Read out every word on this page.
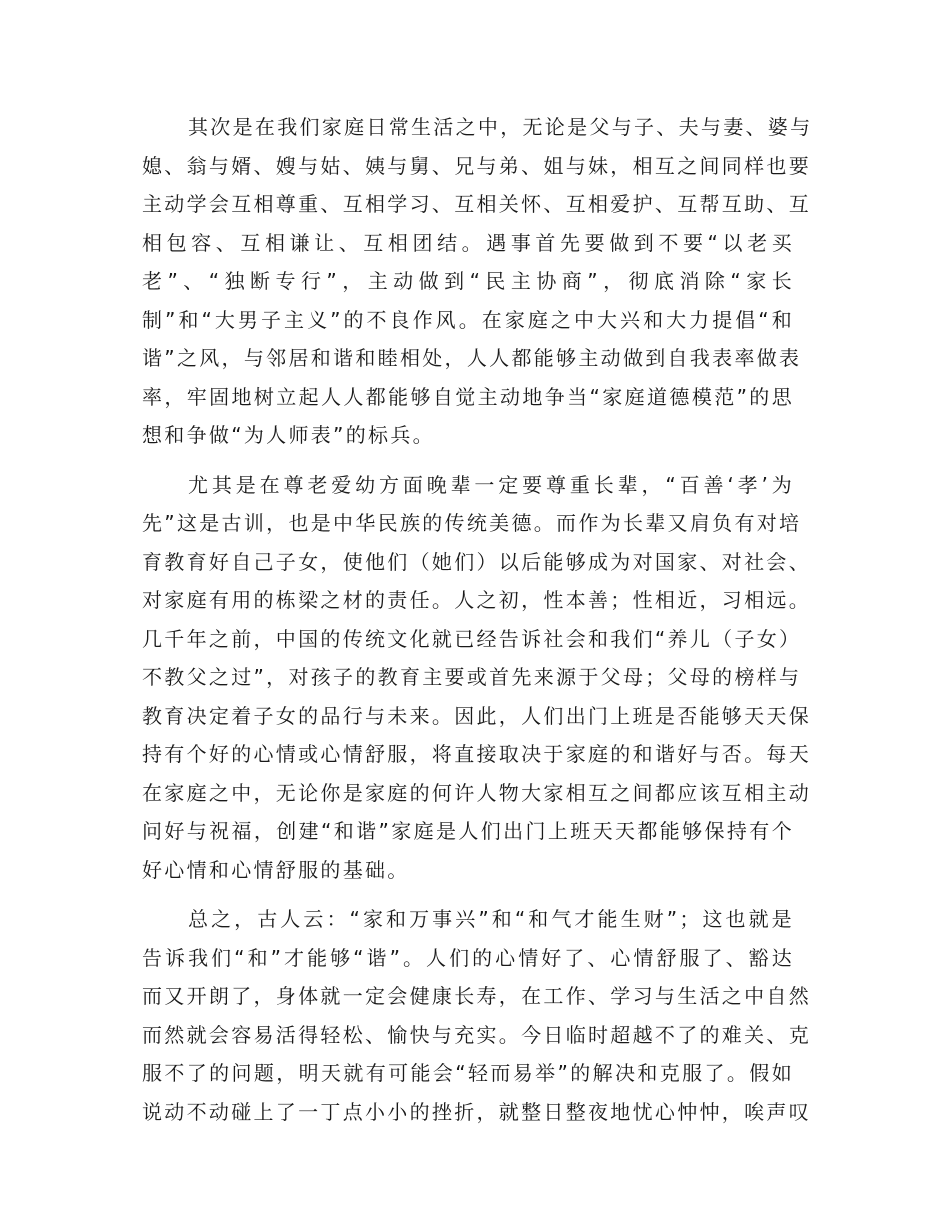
其次是在我们家庭日常生活之中，无论是父与子、夫与妻、婆与
媳、翁与婿、嫂与姑、姨与舅、兄与弟、姐与妹，相互之间同样也要
主动学会互相尊重、互相学习、互相关怀、互相爱护、互帮互助、互
相包容、互相谦让、互相团结。遇事首先要做到不要“以老买
老”、“独断专行”，主动做到“民主协商”，彻底消除“家长
制”和“大男子主义”的不良作风。在家庭之中大兴和大力提倡“和
谐”之风，与邻居和谐和睦相处，人人都能够主动做到自我表率做表
率，牢固地树立起人人都能够自觉主动地争当“家庭道德模范”的思
想和争做“为人师表”的标兵。
尤其是在尊老爱幼方面晚辈一定要尊重长辈，“百善‘孝’为
先”这是古训，也是中华民族的传统美德。而作为长辈又肩负有对培
育教育好自己子女，使他们（她们）以后能够成为对国家、对社会、
对家庭有用的栋梁之材的责任。人之初，性本善；性相近，习相远。
几千年之前，中国的传统文化就已经告诉社会和我们“养儿（子女）
不教父之过”，对孩子的教育主要或首先来源于父母；父母的榜样与
教育决定着子女的品行与未来。因此，人们出门上班是否能够天天保
持有个好的心情或心情舒服，将直接取决于家庭的和谐好与否。每天
在家庭之中，无论你是家庭的何许人物大家相互之间都应该互相主动
问好与祝福，创建“和谐”家庭是人们出门上班天天都能够保持有个
好心情和心情舒服的基础。
总之，古人云：“家和万事兴”和“和气才能生财”；这也就是
告诉我们“和”才能够“谐”。人们的心情好了、心情舒服了、豁达
而又开朗了，身体就一定会健康长寿，在工作、学习与生活之中自然
而然就会容易活得轻松、愉快与充实。今日临时超越不了的难关、克
服不了的问题，明天就有可能会“轻而易举”的解决和克服了。假如
说动不动碰上了一丁点小小的挫折，就整日整夜地忧心忡忡，唉声叹
